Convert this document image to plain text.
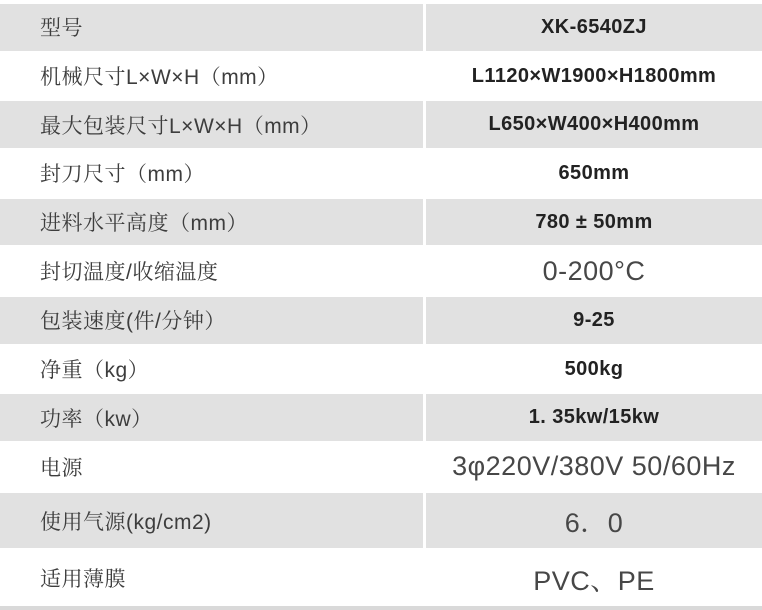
型号	XK-6540ZJ
机械尺寸L×W×H（mm）	L1120×W1900×H1800mm
最大包装尺寸L×W×H（mm）	L650×W400×H400mm
封刀尺寸（mm）	650mm
进料水平高度（mm）	780 ± 50mm
封切温度/收缩温度	0-200°C
包装速度(件/分钟）	9-25
净重（kg）	500kg
功率（kw）	1. 35kw/15kw
电源	3φ220V/380V 50/60Hz
使用气源(kg/cm2)	6．0
适用薄膜	PVC、PE
